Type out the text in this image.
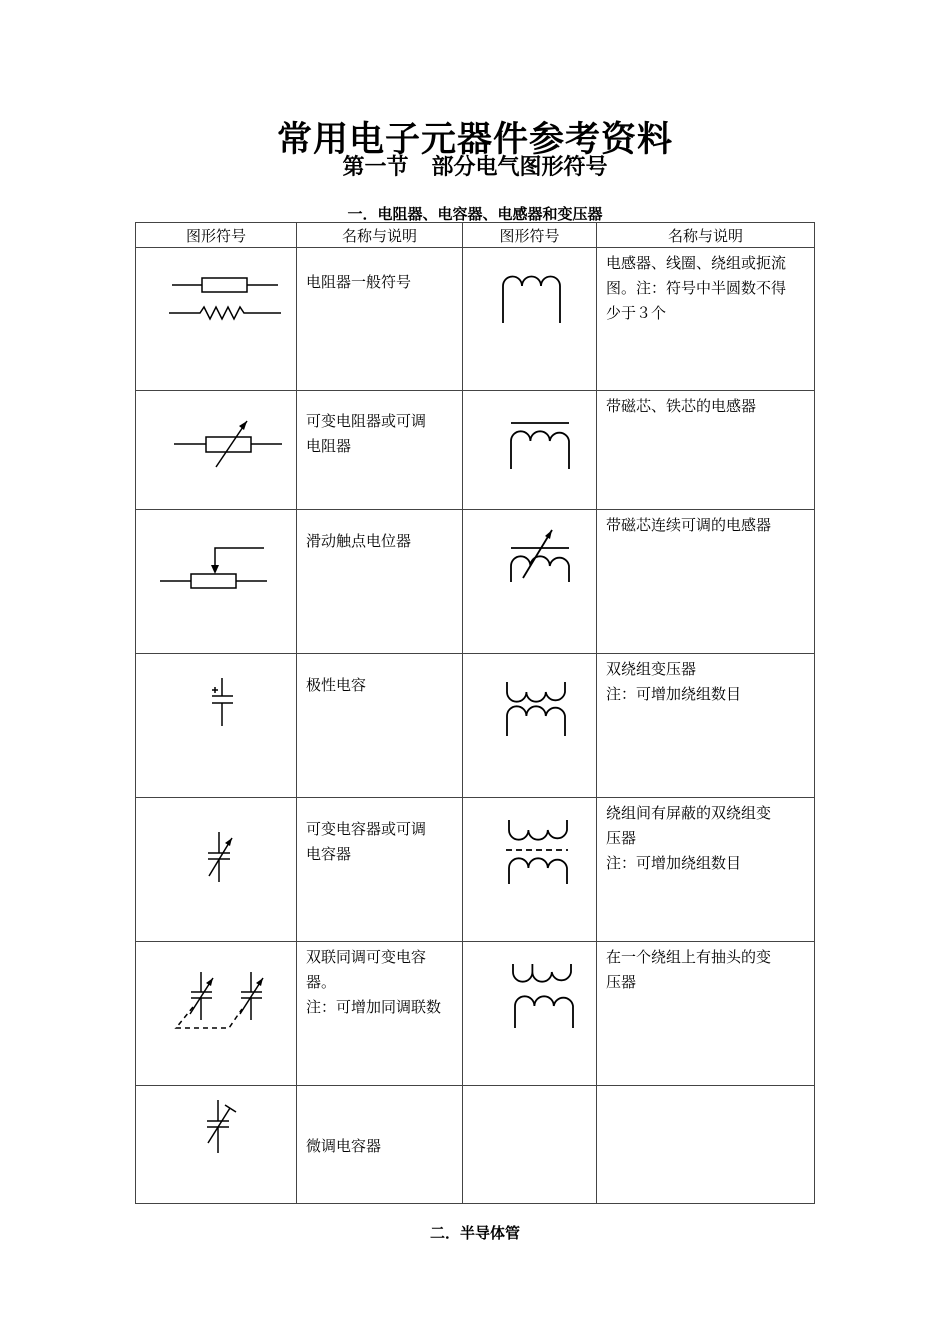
常用电子元器件参考资料
第一节   部分电气图形符号
一．电阻器、电容器、电感器和变压器
图形符号	名称与说明	图形符号	名称与说明

电阻器一般符号		电感器、线圈、绕组或扼流
图。注：符号中半圆数不得
少于３个

可变电阻器或可调
电阻器		带磁芯、铁芯的电感器

滑动触点电位器		带磁芯连续可调的电感器

极性电容		双绕组变压器
注：可增加绕组数目

可变电容器或可调
电容器		绕组间有屏蔽的双绕组变
压器
注：可增加绕组数目

双联同调可变电容
器。
注：可增加同调联数		在一个绕组上有抽头的变
压器

微调电容器		

二．半导体管
